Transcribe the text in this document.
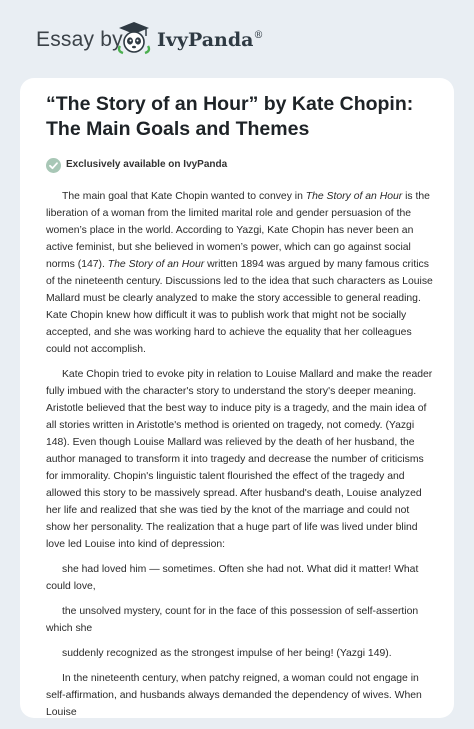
Essay by IvyPanda®
“The Story of an Hour” by Kate Chopin:
The Main Goals and Themes
Exclusively available on IvyPanda

The main goal that Kate Chopin wanted to convey in The Story of an Hour is the liberation of a woman from the limited marital role and gender persuasion of the women’s place in the world. According to Yazgi, Kate Chopin has never been an active feminist, but she believed in women’s power, which can go against social norms (147). The Story of an Hour written 1894 was argued by many famous critics of the nineteenth century. Discussions led to the idea that such characters as Louise Mallard must be clearly analyzed to make the story accessible to general reading. Kate Chopin knew how difficult it was to publish work that might not be socially accepted, and she was working hard to achieve the equality that her colleagues could not accomplish.

Kate Chopin tried to evoke pity in relation to Louise Mallard and make the reader fully imbued with the character's story to understand the story's deeper meaning. Aristotle believed that the best way to induce pity is a tragedy, and the main idea of all stories written in Aristotle's method is oriented on tragedy, not comedy. (Yazgi 148). Even though Louise Mallard was relieved by the death of her husband, the author managed to transform it into tragedy and decrease the number of criticisms for immorality. Chopin's linguistic talent flourished the effect of the tragedy and allowed this story to be massively spread. After husband's death, Louise analyzed her life and realized that she was tied by the knot of the marriage and could not show her personality. The realization that a huge part of life was lived under blind love led Louise into kind of depression:

she had loved him — sometimes. Often she had not. What did it matter! What could love,

the unsolved mystery, count for in the face of this possession of self-assertion which she

suddenly recognized as the strongest impulse of her being! (Yazgi 149).

In the nineteenth century, when patchy reigned, a woman could not engage in self-affirmation, and husbands always demanded the dependency of wives. When Louise
